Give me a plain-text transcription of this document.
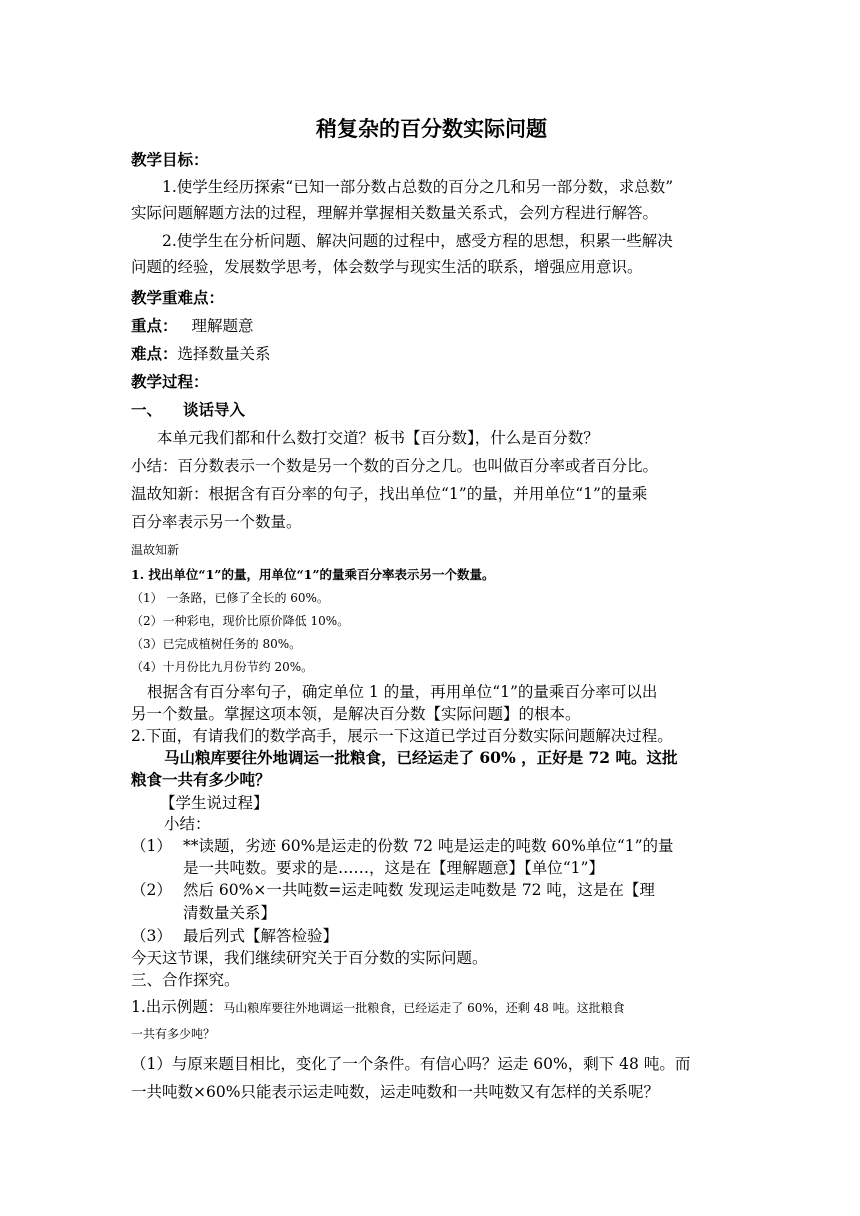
稍复杂的百分数实际问题
教学目标：
1.使学生经历探索“已知一部分数占总数的百分之几和另一部分数，求总数”
实际问题解题方法的过程，理解并掌握相关数量关系式，会列方程进行解答。
2.使学生在分析问题、解决问题的过程中，感受方程的思想，积累一些解决
问题的经验，发展数学思考，体会数学与现实生活的联系，增强应用意识。
教学重难点：
重点： 理解题意
难点：选择数量关系
教学过程：
一、 谈话导入
本单元我们都和什么数打交道？板书【百分数】，什么是百分数？
小结：百分数表示一个数是另一个数的百分之几。也叫做百分率或者百分比。
温故知新：根据含有百分率的句子，找出单位“1”的量，并用单位“1”的量乘
百分率表示另一个数量。
温故知新
1. 找出单位“1”的量，用单位“1”的量乘百分率表示另一个数量。
（1） 一条路，已修了全长的 60%。
（2）一种彩电，现价比原价降低 10%。
（3）已完成植树任务的 80%。
（4）十月份比九月份节约 20%。
根据含有百分率句子，确定单位 1 的量，再用单位“1”的量乘百分率可以出
另一个数量。掌握这项本领，是解决百分数【实际问题】的根本。
2.下面，有请我们的数学高手，展示一下这道已学过百分数实际问题解决过程。
马山粮库要往外地调运一批粮食，已经运走了 60% ，正好是 72 吨。这批
粮食一共有多少吨？
【学生说过程】
小结：
（1） **读题，劣迹 60%是运走的份数 72 吨是运走的吨数 60%单位“1”的量
是一共吨数。要求的是……，这是在【理解题意】【单位“1”】
（2） 然后 60%×一共吨数=运走吨数 发现运走吨数是 72 吨，这是在【理
清数量关系】
（3） 最后列式【解答检验】
今天这节课，我们继续研究关于百分数的实际问题。
三、合作探究。
1.出示例题：马山粮库要往外地调运一批粮食，已经运走了 60%，还剩 48 吨。这批粮食
一共有多少吨？
（1）与原来题目相比，变化了一个条件。有信心吗？运走 60%，剩下 48 吨。而
一共吨数×60%只能表示运走吨数，运走吨数和一共吨数又有怎样的关系呢？
